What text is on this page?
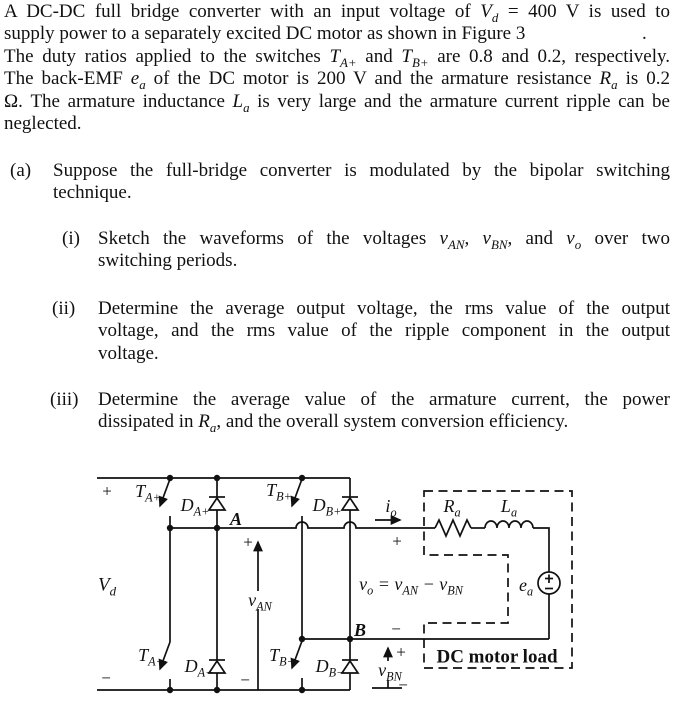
A DC-DC full bridge converter with an input voltage of $V_d = 400$ V is used to
supply power to a separately excited DC motor as shown in Figure 3	.
The duty ratios applied to the switches $T_{A+}$ and $T_{B+}$ are 0.8 and 0.2, respectively.
The back-EMF $e_a$ of the DC motor is 200 V and the armature resistance $R_a$ is 0.2
Ω. The armature inductance $L_a$ is very large and the armature current ripple can be
neglected.
(a) Suppose the full-bridge converter is modulated by the bipolar switching
technique.
(i) Sketch the waveforms of the voltages $v_{AN}$, $v_{BN}$, and $v_o$ over two
switching periods.
(ii) Determine the average output voltage, the rms value of the output
voltage, and the rms value of the ripple component in the output
voltage.
(iii) Determine the average value of the armature current, the power
dissipated in $R_a$, and the overall system conversion efficiency.
+
−
$V_d$
$T_{A+}$	$T_{B+}$
$T_{A-}$	$T_{B-}$
$D_{A+}$	$D_{B+}$
$D_{A-}$	$D_{B-}$
A
B
+
$v_{AN}$
−
$i_o$
+
−
$v_o = v_{AN} - v_{BN}$
$R_a$ $L_a$
$e_a$
+
$v_{BN}$
−
DC motor load
